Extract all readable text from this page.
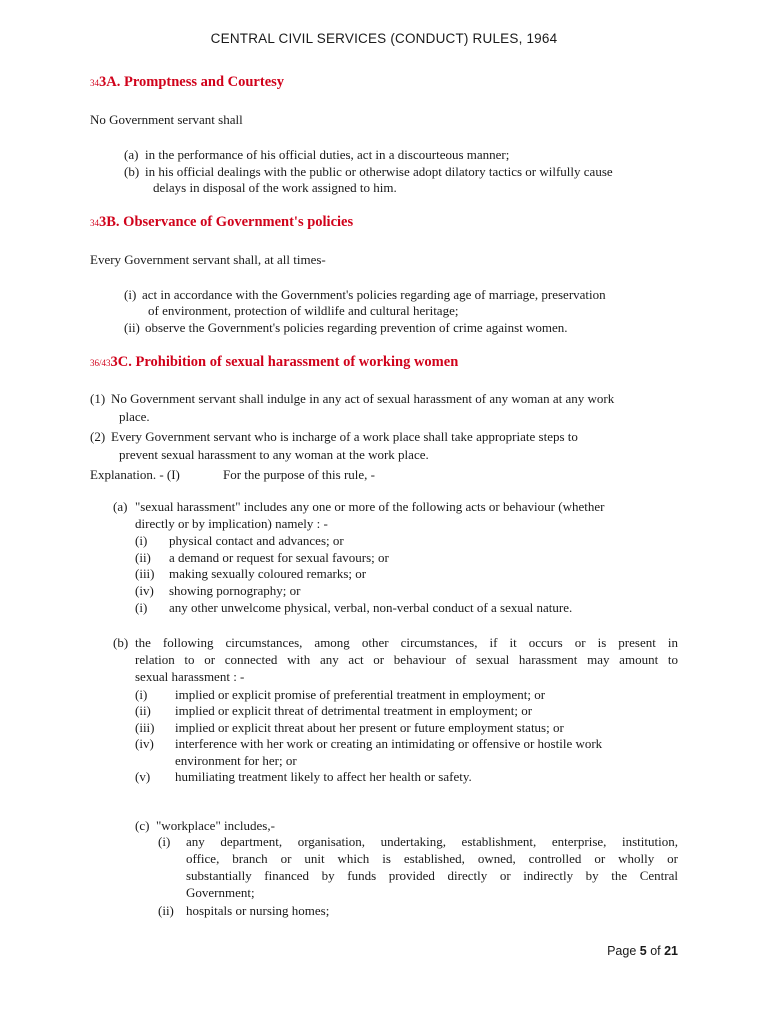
CENTRAL CIVIL SERVICES (CONDUCT) RULES, 1964
343A. Promptness and Courtesy
No Government servant shall
(a) in the performance of his official duties, act in a discourteous manner;
(b) in his official dealings with the public or otherwise adopt dilatory tactics or wilfully cause
delays in disposal of the work assigned to him.
343B. Observance of Government's policies
Every Government servant shall, at all times-
(i) act in accordance with the Government's policies regarding age of marriage, preservation
of environment, protection of wildlife and cultural heritage;
(ii) observe the Government's policies regarding prevention of crime against women.
36/433C. Prohibition of sexual harassment of working women
(1) No Government servant shall indulge in any act of sexual harassment of any woman at any work
place.
(2) Every Government servant who is incharge of a work place shall take appropriate steps to
prevent sexual harassment to any woman at the work place.
Explanation. - (I)	For the purpose of this rule, -
(a) "sexual harassment" includes any one or more of the following acts or behaviour (whether
directly or by implication) namely : -
(i) physical contact and advances; or
(ii) a demand or request for sexual favours; or
(iii) making sexually coloured remarks; or
(iv) showing pornography; or
(i) any other unwelcome physical, verbal, non-verbal conduct of a sexual nature.
(b) the following circumstances, among other circumstances, if it occurs or is present in
relation to or connected with any act or behaviour of sexual harassment may amount to
sexual harassment : -
(i) implied or explicit promise of preferential treatment in employment; or
(ii) implied or explicit threat of detrimental treatment in employment; or
(iii) implied or explicit threat about her present or future employment status; or
(iv) interference with her work or creating an intimidating or offensive or hostile work
environment for her; or
(v) humiliating treatment likely to affect her health or safety.
(c) "workplace" includes,-
(i) any department, organisation, undertaking, establishment, enterprise, institution,
office, branch or unit which is established, owned, controlled or wholly or
substantially financed by funds provided directly or indirectly by the Central
Government;
(ii) hospitals or nursing homes;
Page 5 of 21
